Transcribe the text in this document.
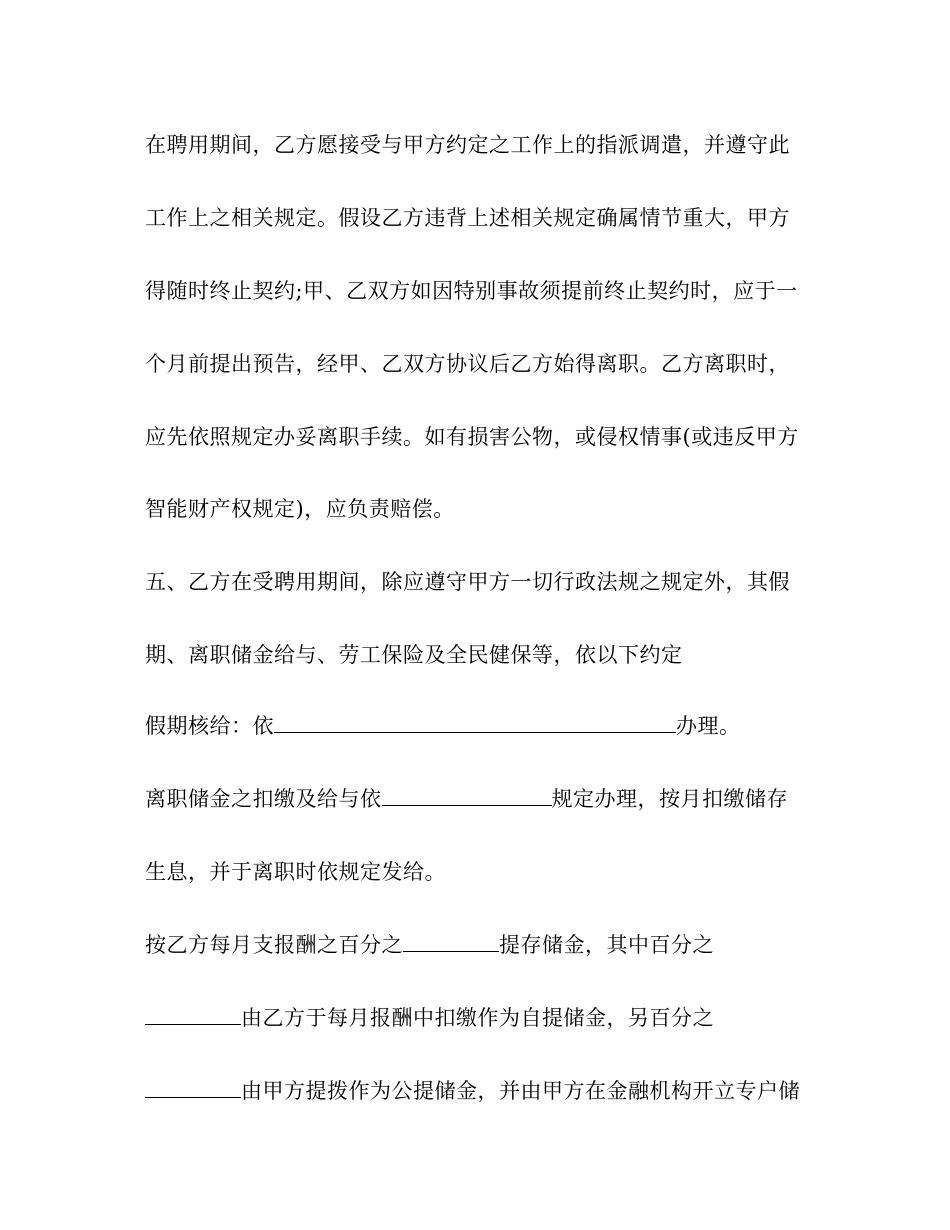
在聘用期间，乙方愿接受与甲方约定之工作上的指派调遣，并遵守此
工作上之相关规定。假设乙方违背上述相关规定确属情节重大，甲方
得随时终止契约;甲、乙双方如因特别事故须提前终止契约时，应于一
个月前提出预告，经甲、乙双方协议后乙方始得离职。乙方离职时，
应先依照规定办妥离职手续。如有损害公物，或侵权情事(或违反甲方
智能财产权规定)，应负责赔偿。
五、乙方在受聘用期间，除应遵守甲方一切行政法规之规定外，其假
期、离职储金给与、劳工保险及全民健保等，依以下约定
假期核给：依	办理。
离职储金之扣缴及给与依	规定办理，按月扣缴储存
生息，并于离职时依规定发给。
按乙方每月支报酬之百分之	提存储金，其中百分之
由乙方于每月报酬中扣缴作为自提储金，另百分之
由甲方提拨作为公提储金，并由甲方在金融机构开立专户储
